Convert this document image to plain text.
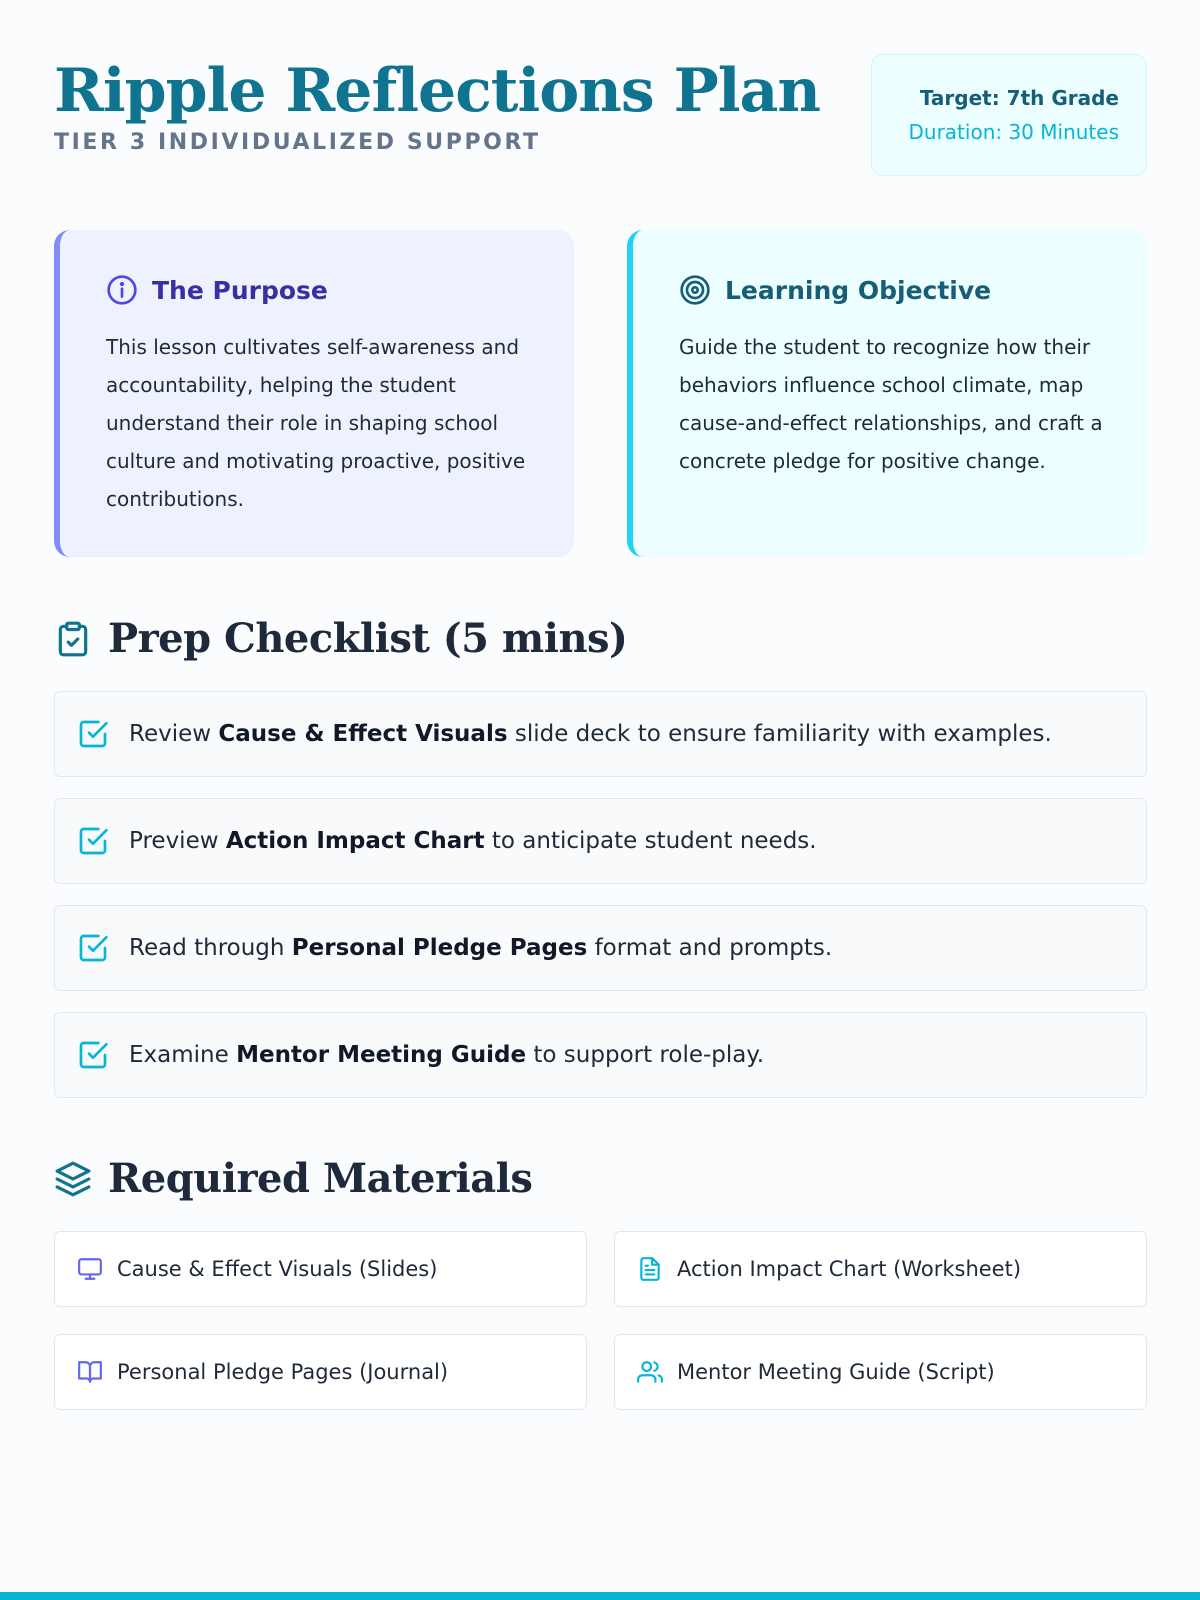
Ripple Reflections Plan
TIER 3 INDIVIDUALIZED SUPPORT
Target: 7th Grade
Duration: 30 Minutes
The Purpose

This lesson cultivates self-awareness and accountability, helping the student understand their role in shaping school culture and motivating proactive, positive contributions.

Learning Objective

Guide the student to recognize how their behaviors influence school climate, map cause-and-effect relationships, and craft a concrete pledge for positive change.

Prep Checklist (5 mins)
Review Cause & Effect Visuals slide deck to ensure familiarity with examples.
Preview Action Impact Chart to anticipate student needs.
Read through Personal Pledge Pages format and prompts.
Examine Mentor Meeting Guide to support role-play.
Required Materials
Cause & Effect Visuals (Slides)	Action Impact Chart (Worksheet)
Personal Pledge Pages (Journal)	Mentor Meeting Guide (Script)
